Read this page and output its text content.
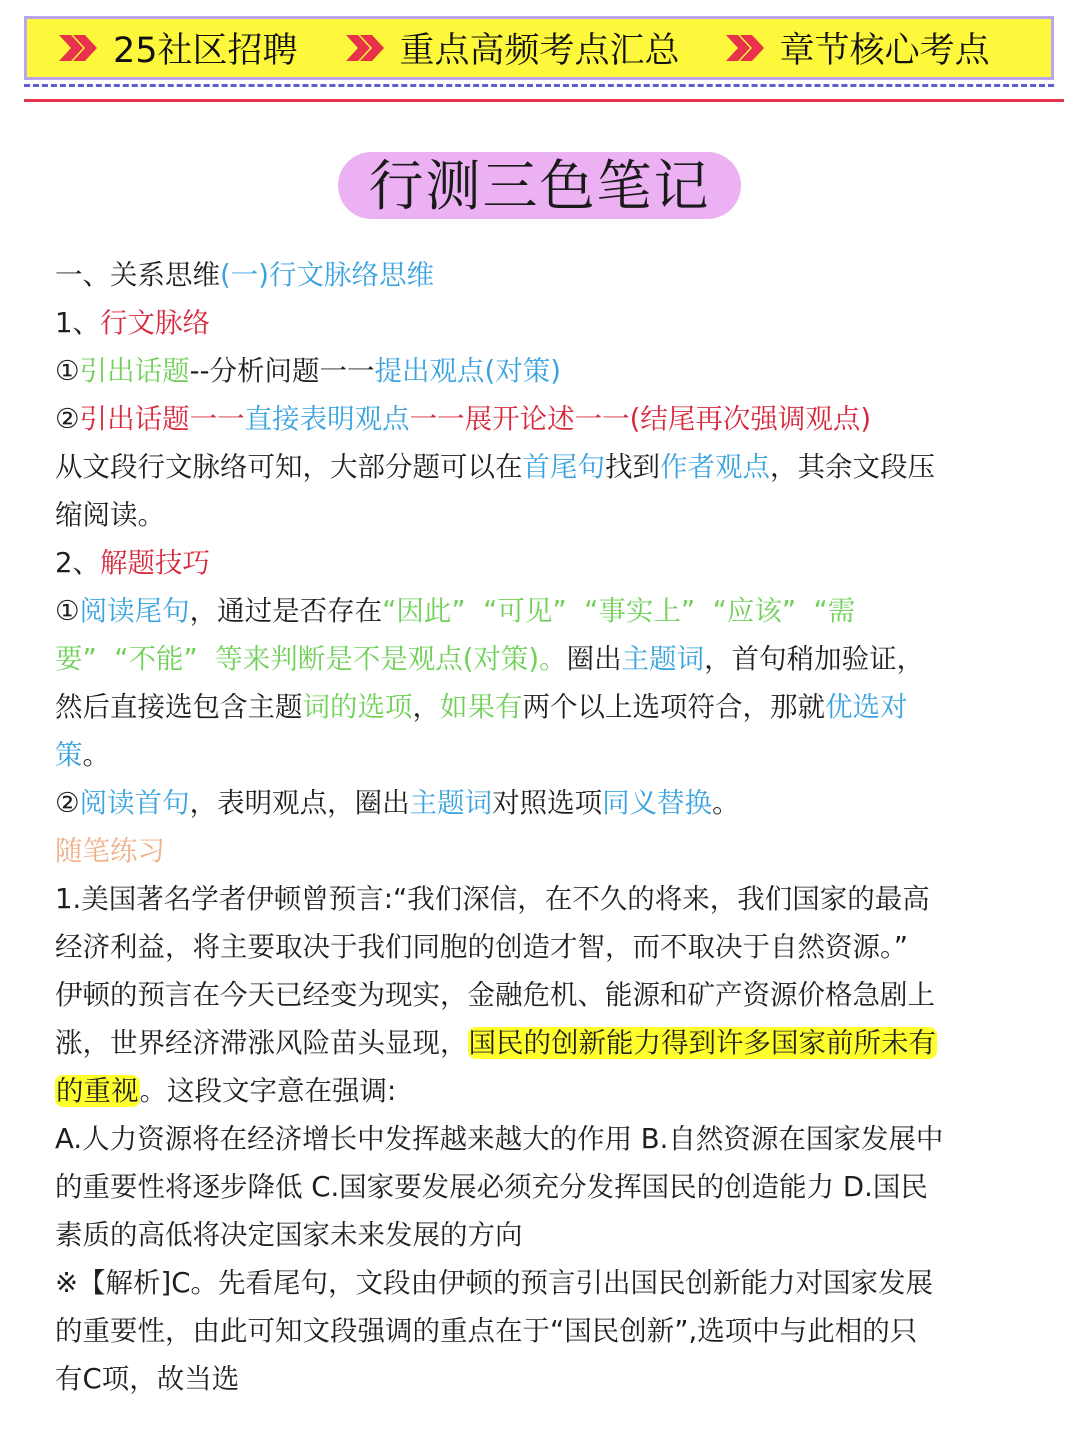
25社区招聘	重点高频考点汇总	章节核心考点
行测三色笔记

一、关系思维(一)行文脉络思维

1、行文脉络

①引出话题--分析问题一一提出观点(对策)

②引出话题一一直接表明观点一一展开论述一一(结尾再次强调观点)

从文段行文脉络可知，大部分题可以在首尾句找到作者观点，其余文段压

缩阅读。

2、解题技巧

①阅读尾句，通过是否存在“因此”  “可见”  “事实上”  “应该”  “需

要”  “不能”  等来判断是不是观点(对策)。圈出主题词，首句稍加验证，

然后直接选包含主题词的选项，如果有两个以上选项符合，那就优选对

策。

②阅读首句，表明观点，圈出主题词对照选项同义替换。

随笔练习

1.美国著名学者伊顿曾预言:“我们深信，在不久的将来，我们国家的最高

经济利益，将主要取决于我们同胞的创造才智，而不取决于自然资源。”

伊顿的预言在今天已经变为现实，金融危机、能源和矿产资源价格急剧上

涨，世界经济滞涨风险苗头显现，国民的创新能力得到许多国家前所未有

的重视。这段文字意在强调:

A.人力资源将在经济增长中发挥越来越大的作用 B.自然资源在国家发展中

的重要性将逐步降低 C.国家要发展必须充分发挥国民的创造能力 D.国民

素质的高低将决定国家未来发展的方向

※【解析]C。先看尾句，文段由伊顿的预言引出国民创新能力对国家发展

的重要性，由此可知文段强调的重点在于“国民创新”,选项中与此相的只

有C项，故当选
